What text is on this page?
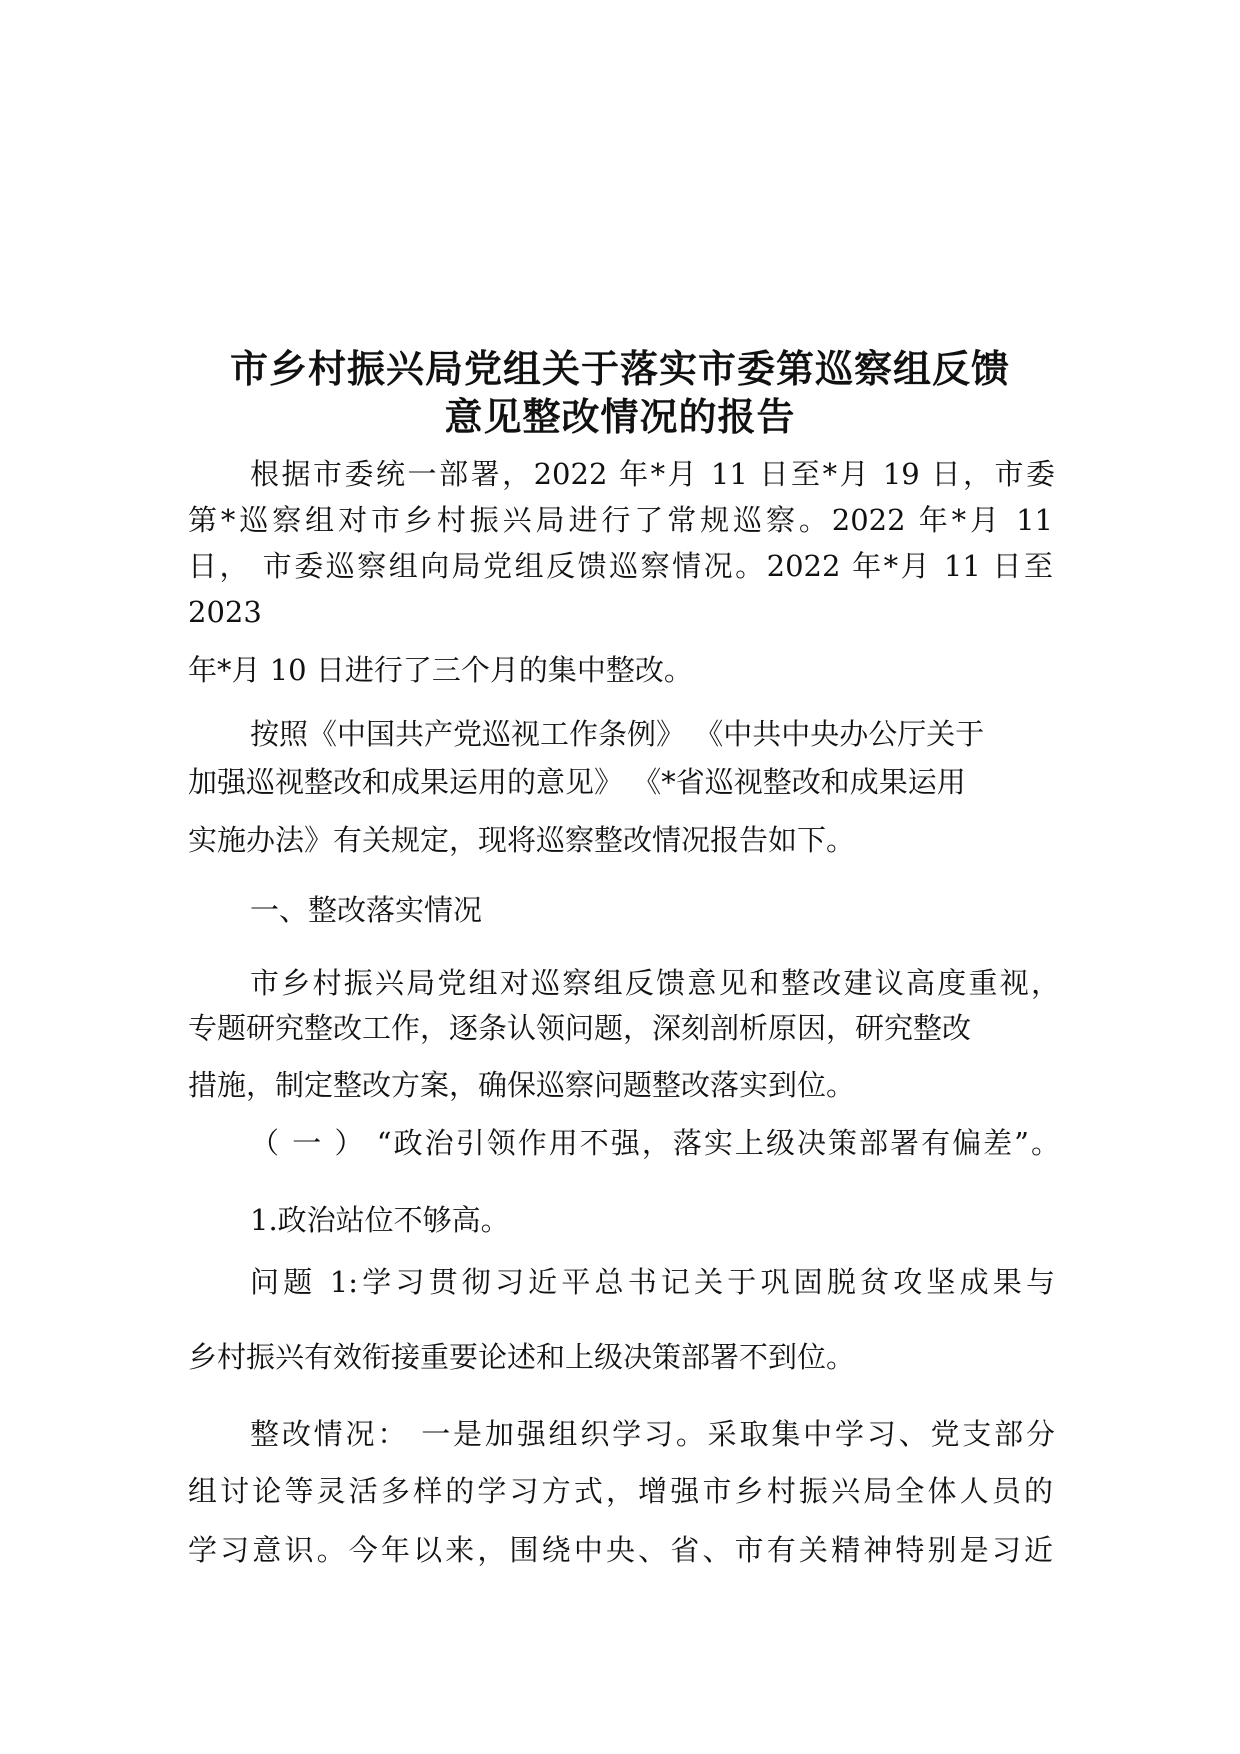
市乡村振兴局党组关于落实市委第巡察组反馈
意见整改情况的报告
根据市委统一部署，2022 年*月 11 日至*月 19 日，市委
第*巡察组对市乡村振兴局进行了常规巡察。2022 年*月 11
日， 市委巡察组向局党组反馈巡察情况。2022 年*月 11 日至
2023
年*月 10 日进行了三个月的集中整改。
按照《中国共产党巡视工作条例》 《中共中央办公厅关于
加强巡视整改和成果运用的意见》 《*省巡视整改和成果运用
实施办法》有关规定，现将巡察整改情况报告如下。
一、整改落实情况
市乡村振兴局党组对巡察组反馈意见和整改建议高度重视，
专题研究整改工作，逐条认领问题，深刻剖析原因，研究整改
措施，制定整改方案，确保巡察问题整改落实到位。
（ 一 ） “政治引领作用不强，落实上级决策部署有偏差”。
1.政治站位不够高。
问题 1:学习贯彻习近平总书记关于巩固脱贫攻坚成果与
乡村振兴有效衔接重要论述和上级决策部署不到位。
整改情况： 一是加强组织学习。采取集中学习、党支部分
组讨论等灵活多样的学习方式，增强市乡村振兴局全体人员的
学习意识。今年以来，围绕中央、省、市有关精神特别是习近
